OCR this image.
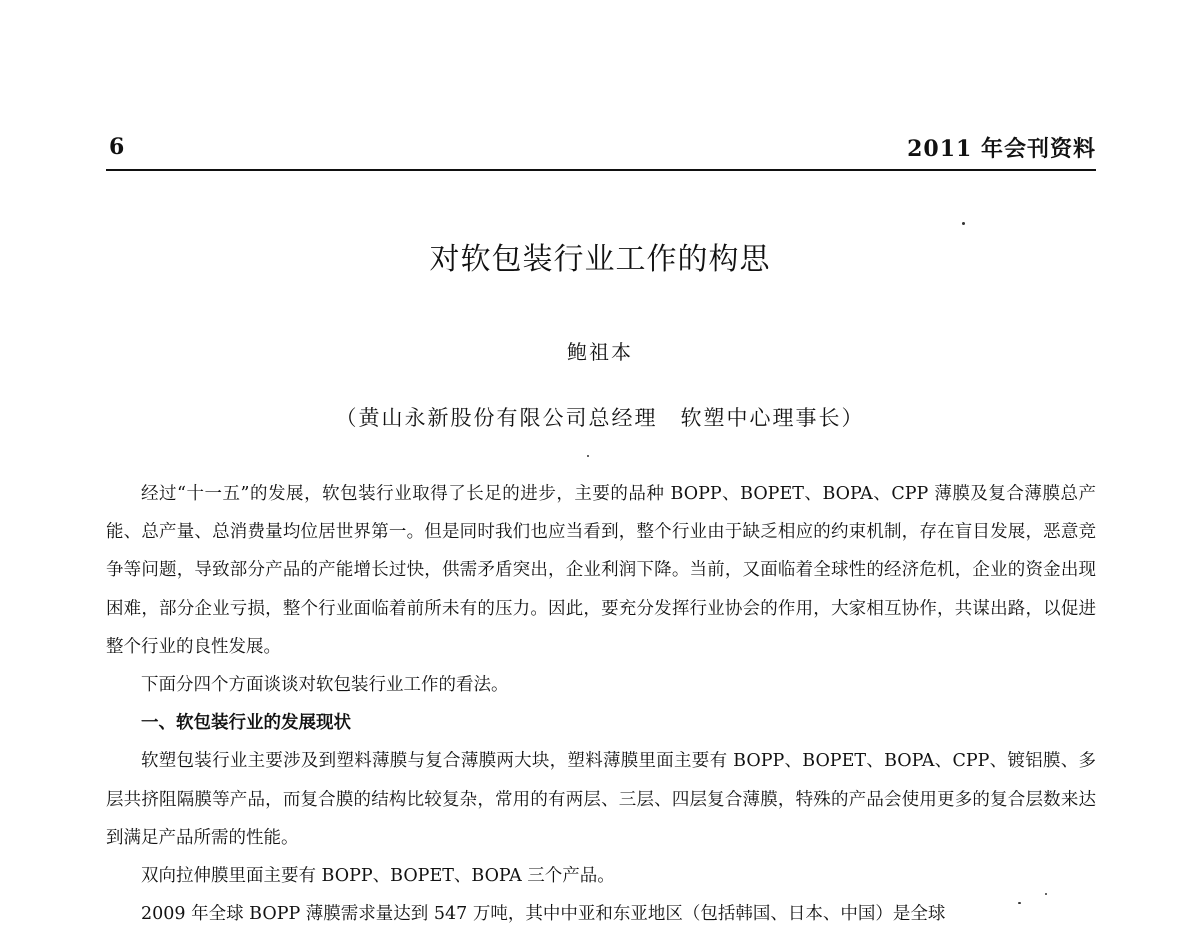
6	2011 年会刊资料
对软包装行业工作的构思
鲍祖本
（黄山永新股份有限公司总经理　软塑中心理事长）

经过“十一五”的发展，软包装行业取得了长足的进步，主要的品种 BOPP、BOPET、BOPA、CPP 薄膜及复合薄膜总产能、总产量、总消费量均位居世界第一。但是同时我们也应当看到，整个行业由于缺乏相应的约束机制，存在盲目发展，恶意竞争等问题，导致部分产品的产能增长过快，供需矛盾突出，企业利润下降。当前，又面临着全球性的经济危机，企业的资金出现困难，部分企业亏损，整个行业面临着前所未有的压力。因此，要充分发挥行业协会的作用，大家相互协作，共谋出路，以促进整个行业的良性发展。

下面分四个方面谈谈对软包装行业工作的看法。

一、软包装行业的发展现状

软塑包装行业主要涉及到塑料薄膜与复合薄膜两大块，塑料薄膜里面主要有 BOPP、BOPET、BOPA、CPP、镀铝膜、多层共挤阻隔膜等产品，而复合膜的结构比较复杂，常用的有两层、三层、四层复合薄膜，特殊的产品会使用更多的复合层数来达到满足产品所需的性能。

双向拉伸膜里面主要有 BOPP、BOPET、BOPA 三个产品。

2009 年全球 BOPP 薄膜需求量达到 547 万吨，其中中亚和东亚地区（包括韩国、日本、中国）是全球
